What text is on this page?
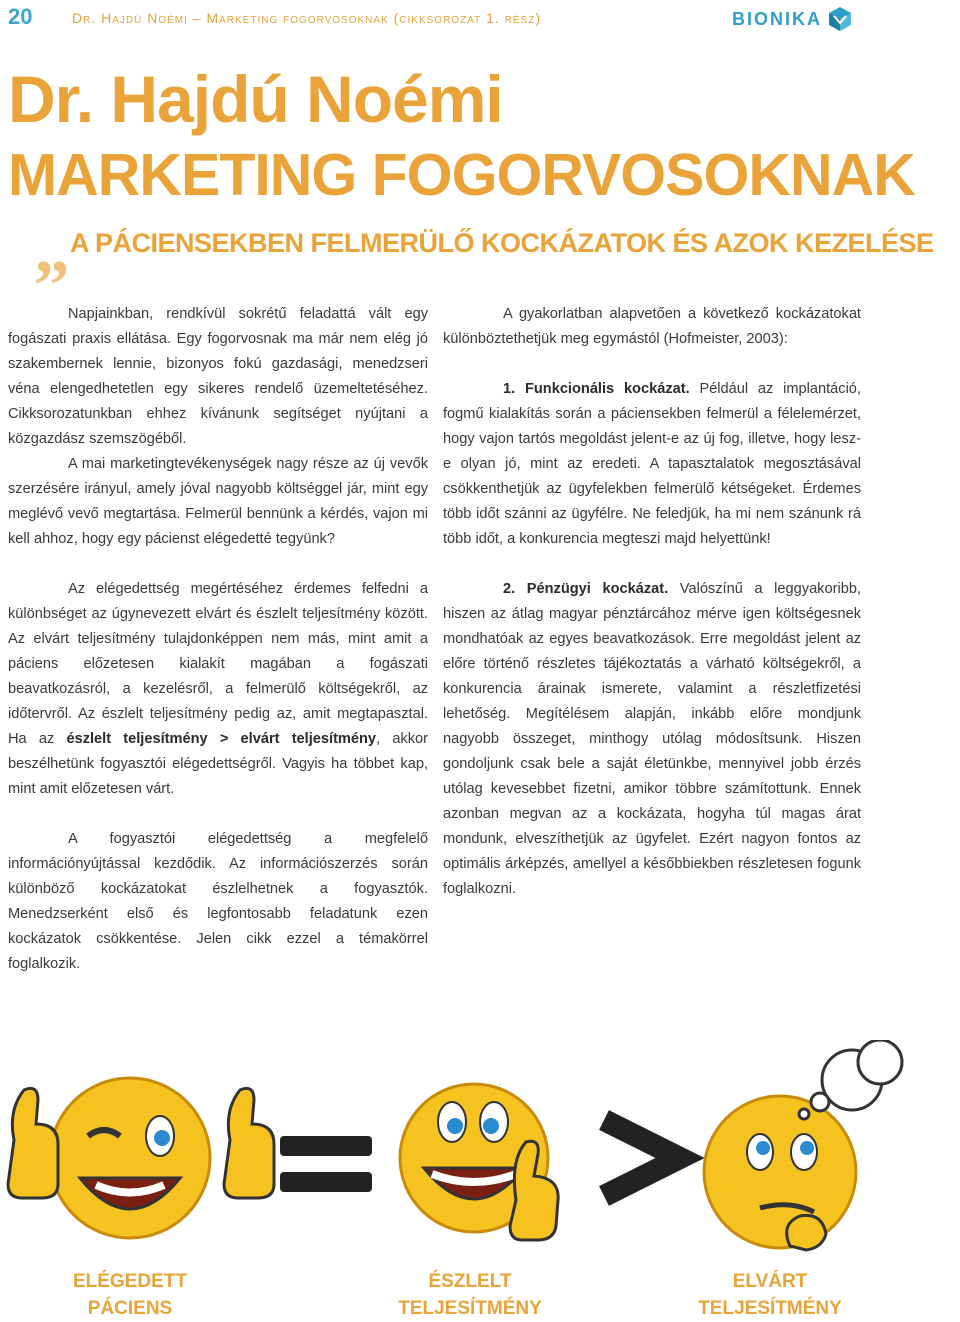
20	Dr. Hajdú Noémi – Marketing fogorvosoknak (cikksorozat 1. rész)	BIONIKA
Dr. Hajdú Noémi
MARKETING FOGORVOSOKNAK
„ A PÁCIENSEKBEN FELMERÜLŐ KOCKÁZATOK ÉS AZOK KEZELÉSE

Napjainkban, rendkívül sokrétű feladattá vált egy fogászati praxis ellátása. Egy fogorvosnak ma már nem elég jó szakembernek lennie, bizonyos fokú gazdasági, menedzseri véna elengedhetetlen egy sikeres rendelő üzemeltetéséhez. Cikksorozatunkban ehhez kívánunk segítséget nyújtani a közgazdász szemszögéből.

A mai marketingtevékenységek nagy része az új vevők szerzésére irányul, amely jóval nagyobb költséggel jár, mint egy meglévő vevő megtartása. Felmerül bennünk a kérdés, vajon mi kell ahhoz, hogy egy pácienst elégedetté tegyünk?

Az elégedettség megértéséhez érdemes felfedni a különbséget az úgynevezett elvárt és észlelt teljesítmény között. Az elvárt teljesítmény tulajdonképpen nem más, mint amit a páciens előzetesen kialakít magában a fogászati beavatkozásról, a kezelésről, a felmerülő költségekről, az időtervről. Az észlelt teljesítmény pedig az, amit megtapasztal. Ha az észlelt teljesítmény > elvárt teljesítmény, akkor beszélhetünk fogyasztói elégedettségről. Vagyis ha többet kap, mint amit előzetesen várt.

A fogyasztói elégedettség a megfelelő információnyújtással kezdődik. Az információszerzés során különböző kockázatokat észlelhetnek a fogyasztók. Menedzserként első és legfontosabb feladatunk ezen kockázatok csökkentése. Jelen cikk ezzel a témakörrel foglalkozik.

A gyakorlatban alapvetően a következő kockázatokat különböztethetjük meg egymástól (Hofmeister, 2003):

1. Funkcionális kockázat. Például az implantáció, fogmű kialakítás során a páciensekben felmerül a félelemérzet, hogy vajon tartós megoldást jelent-e az új fog, illetve, hogy lesz-e olyan jó, mint az eredeti. A tapasztalatok megosztásával csökkenthetjük az ügyfelekben felmerülő kétségeket. Érdemes több időt szánni az ügyfélre. Ne feledjük, ha mi nem szánunk rá több időt, a konkurencia megteszi majd helyettünk!

2. Pénzügyi kockázat. Valószínű a leggyakoribb, hiszen az átlag magyar pénztárcához mérve igen költségesnek mondhatóak az egyes beavatkozások. Erre megoldást jelent az előre történő részletes tájékoztatás a várható költségekről, a konkurencia árainak ismerete, valamint a részletfizetési lehetőség. Megítélésem alapján, inkább előre mondjunk nagyobb összeget, minthogy utólag módosítsunk. Hiszen gondoljunk csak bele a saját életünkbe, mennyivel jobb érzés utólag kevesebbet fizetni, amikor többre számítottunk. Ennek azonban megvan az a kockázata, hogyha túl magas árat mondunk, elveszíthetjük az ügyfelet. Ezért nagyon fontos az optimális árképzés, amellyel a későbbiekben részletesen fogunk foglalkozni.

ELÉGEDETT
PÁCIENS
ÉSZLELT
TELJESÍTMÉNY
ELVÁRT
TELJESÍTMÉNY
